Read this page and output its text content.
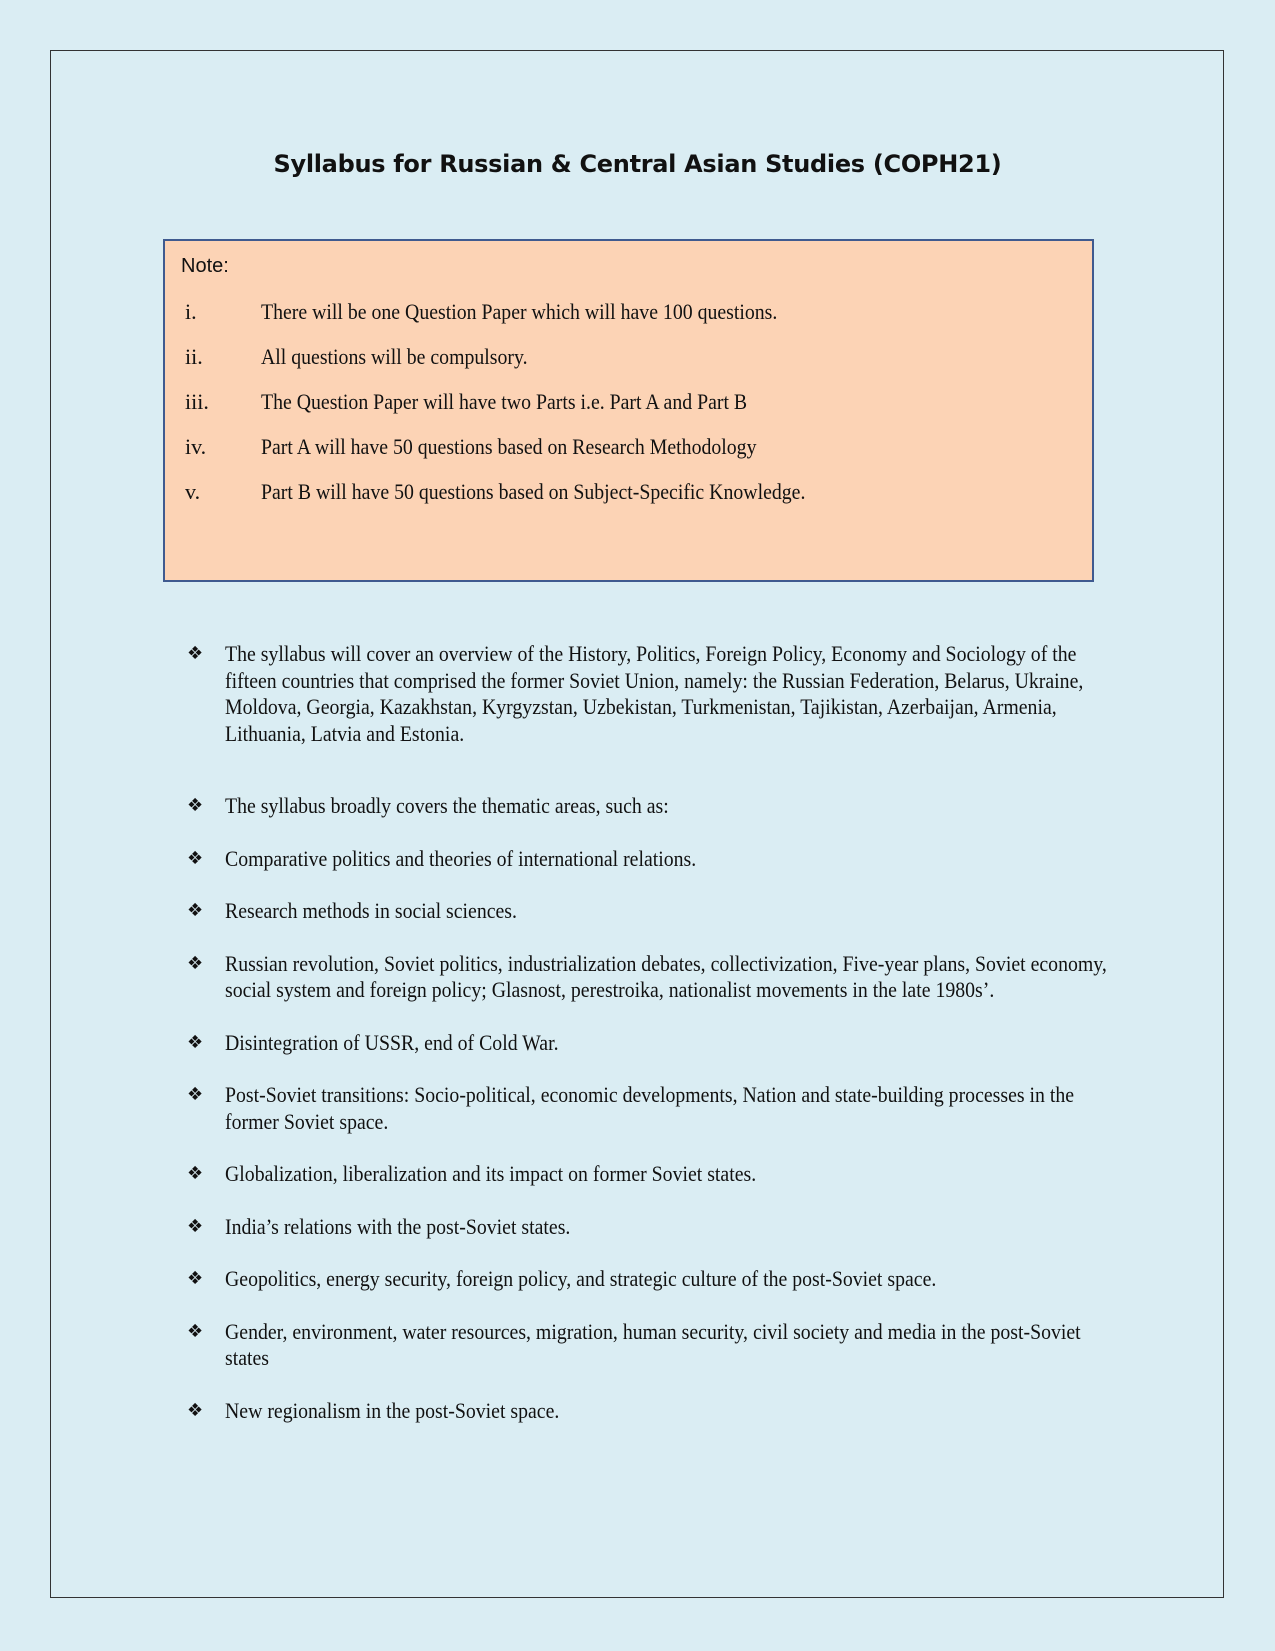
Syllabus for Russian & Central Asian Studies (COPH21)
Note:
i.	There will be one Question Paper which will have 100 questions.
ii.	All questions will be compulsory.
iii. The Question Paper will have two Parts i.e. Part A and Part B
iv. Part A will have 50 questions based on Research Methodology
v.	Part B will have 50 questions based on Subject-Specific Knowledge.
❖ The syllabus will cover an overview of the History, Politics, Foreign Policy, Economy and Sociology of the fifteen countries that comprised the former Soviet Union, namely: the Russian Federation, Belarus, Ukraine, Moldova, Georgia, Kazakhstan, Kyrgyzstan, Uzbekistan, Turkmenistan, Tajikistan, Azerbaijan, Armenia, Lithuania, Latvia and Estonia.
❖ The syllabus broadly covers the thematic areas, such as:
❖ Comparative politics and theories of international relations.
❖ Research methods in social sciences.
❖ Russian revolution, Soviet politics, industrialization debates, collectivization, Five-year plans, Soviet economy, social system and foreign policy; Glasnost, perestroika, nationalist movements in the late 1980s’.
❖ Disintegration of USSR, end of Cold War.
❖ Post-Soviet transitions: Socio-political, economic developments, Nation and state-building processes in the former Soviet space.
❖ Globalization, liberalization and its impact on former Soviet states.
❖ India’s relations with the post-Soviet states.
❖ Geopolitics, energy security, foreign policy, and strategic culture of the post-Soviet space.
❖ Gender, environment, water resources, migration, human security, civil society and media in the post-Soviet states
❖ New regionalism in the post-Soviet space.
